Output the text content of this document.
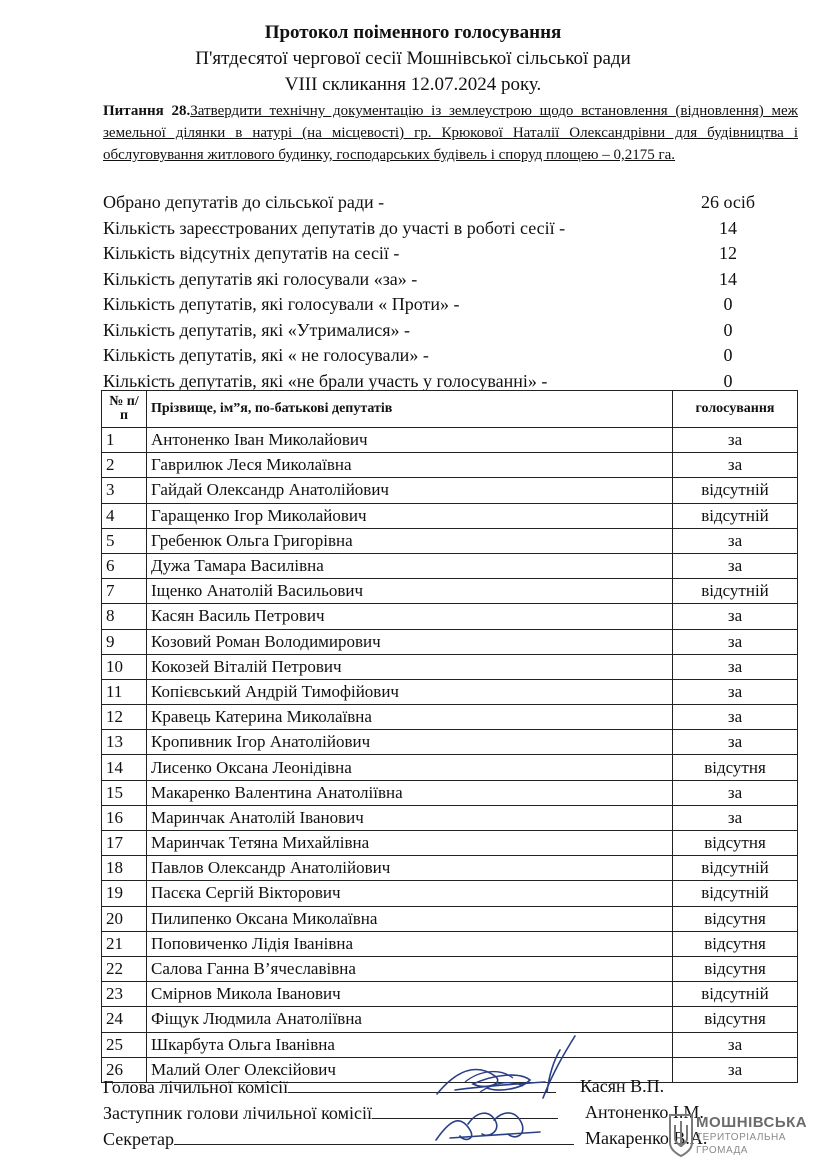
Протокол поіменного голосування
П'ятдесятої чергової сесії Мошнівської сільської ради
VIII скликання 12.07.2024 року.
Питання 28.Затвердити технічну документацію із землеустрою щодо встановлення (відновлення) меж земельної ділянки в натурі (на місцевості) гр. Крюкової Наталії Олександрівни для будівництва і обслуговування житлового будинку, господарських будівель і споруд площею – 0,2175 га.
Обрано депутатів до сільської ради -	26 осіб
Кількість зареєстрованих депутатів до участі в роботі сесії -	14
Кількість відсутніх депутатів на сесії -	12
Кількість депутатів які голосували «за» -	14
Кількість депутатів, які голосували « Проти» -	0
Кількість депутатів, які «Утрималися» -	0
Кількість депутатів, які « не голосували» -	0
Кількість депутатів, які «не брали участь у голосуванні» -	0
№ п/п	Прізвище, ім”я, по-батькові депутатів	голосування
1	Антоненко Іван Миколайович	за
2	Гаврилюк Леся Миколаївна	за
3	Гайдай Олександр Анатолійович	відсутній
4	Гаращенко Ігор Миколайович	відсутній
5	Гребенюк Ольга Григорівна	за
6	Дужа Тамара Василівна	за
7	Іщенко Анатолій Васильович	відсутній
8	Касян Василь Петрович	за
9	Козовий Роман Володимирович	за
10	Кокозей Віталій Петрович	за
11	Копієвський Андрій Тимофійович	за
12	Кравець Катерина Миколаївна	за
13	Кропивник Ігор Анатолійович	за
14	Лисенко Оксана Леонідівна	відсутня
15	Макаренко Валентина Анатоліївна	за
16	Маринчак Анатолій Іванович	за
17	Маринчак Тетяна Михайлівна	відсутня
18	Павлов Олександр Анатолійович	відсутній
19	Пасєка Сергій Вікторович	відсутній
20	Пилипенко Оксана Миколаївна	відсутня
21	Поповиченко Лідія Іванівна	відсутня
22	Салова Ганна В’ячеславівна	відсутня
23	Смірнов Микола Іванович	відсутній
24	Фіщук Людмила Анатоліївна	відсутня
25	Шкарбута Ольга Іванівна	за
26	Малий Олег Олексійович	за
Голова лічильної комісії	Касян В.П.
Заступник голови лічильної комісії	Антоненко І.М.
Секретар	Макаренко В.А.
МОШНІВСЬКА
ТЕРИТОРІАЛЬНА
ГРОМАДА
